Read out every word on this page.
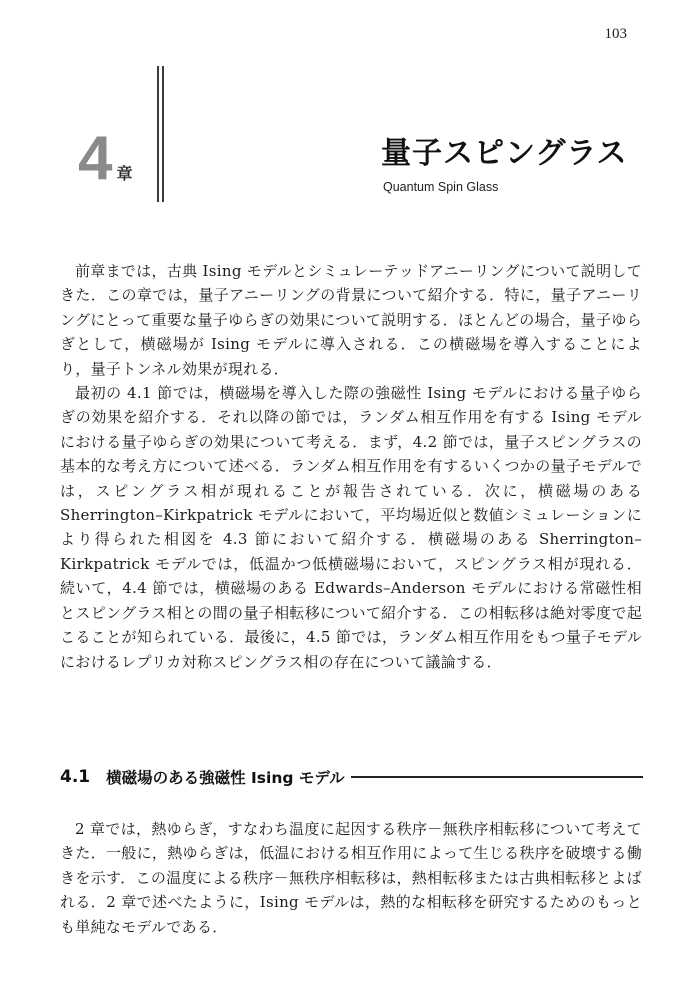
103
4 章
量子スピングラス
Quantum Spin Glass

前章までは，古典 Ising モデルとシミュレーテッドアニーリングについて説明してきた．この章では，量子アニーリングの背景について紹介する．特に，量子アニーリングにとって重要な量子ゆらぎの効果について説明する．ほとんどの場合，量子ゆらぎとして，横磁場が Ising モデルに導入される．この横磁場を導入することにより，量子トンネル効果が現れる．

最初の 4.1 節では，横磁場を導入した際の強磁性 Ising モデルにおける量子ゆらぎの効果を紹介する．それ以降の節では，ランダム相互作用を有する Ising モデルにおける量子ゆらぎの効果について考える．まず，4.2 節では，量子スピングラスの基本的な考え方について述べる．ランダム相互作用を有するいくつかの量子モデルでは，スピングラス相が現れることが報告されている．次に，横磁場のある Sherrington–Kirkpatrick モデルにおいて，平均場近似と数値シミュレーションにより得られた相図を 4.3 節において紹介する．横磁場のある Sherrington–Kirkpatrick モデルでは，低温かつ低横磁場において，スピングラス相が現れる．続いて，4.4 節では，横磁場のある Edwards–Anderson モデルにおける常磁性相とスピングラス相との間の量子相転移について紹介する．この相転移は絶対零度で起こることが知られている．最後に，4.5 節では，ランダム相互作用をもつ量子モデルにおけるレプリカ対称スピングラス相の存在について議論する．

4.1 横磁場のある強磁性 Ising モデル

2 章では，熱ゆらぎ，すなわち温度に起因する秩序－無秩序相転移について考えてきた．一般に，熱ゆらぎは，低温における相互作用によって生じる秩序を破壊する働きを示す．この温度による秩序－無秩序相転移は，熱相転移または古典相転移とよばれる．2 章で述べたように，Ising モデルは，熱的な相転移を研究するためのもっとも単純なモデルである．
